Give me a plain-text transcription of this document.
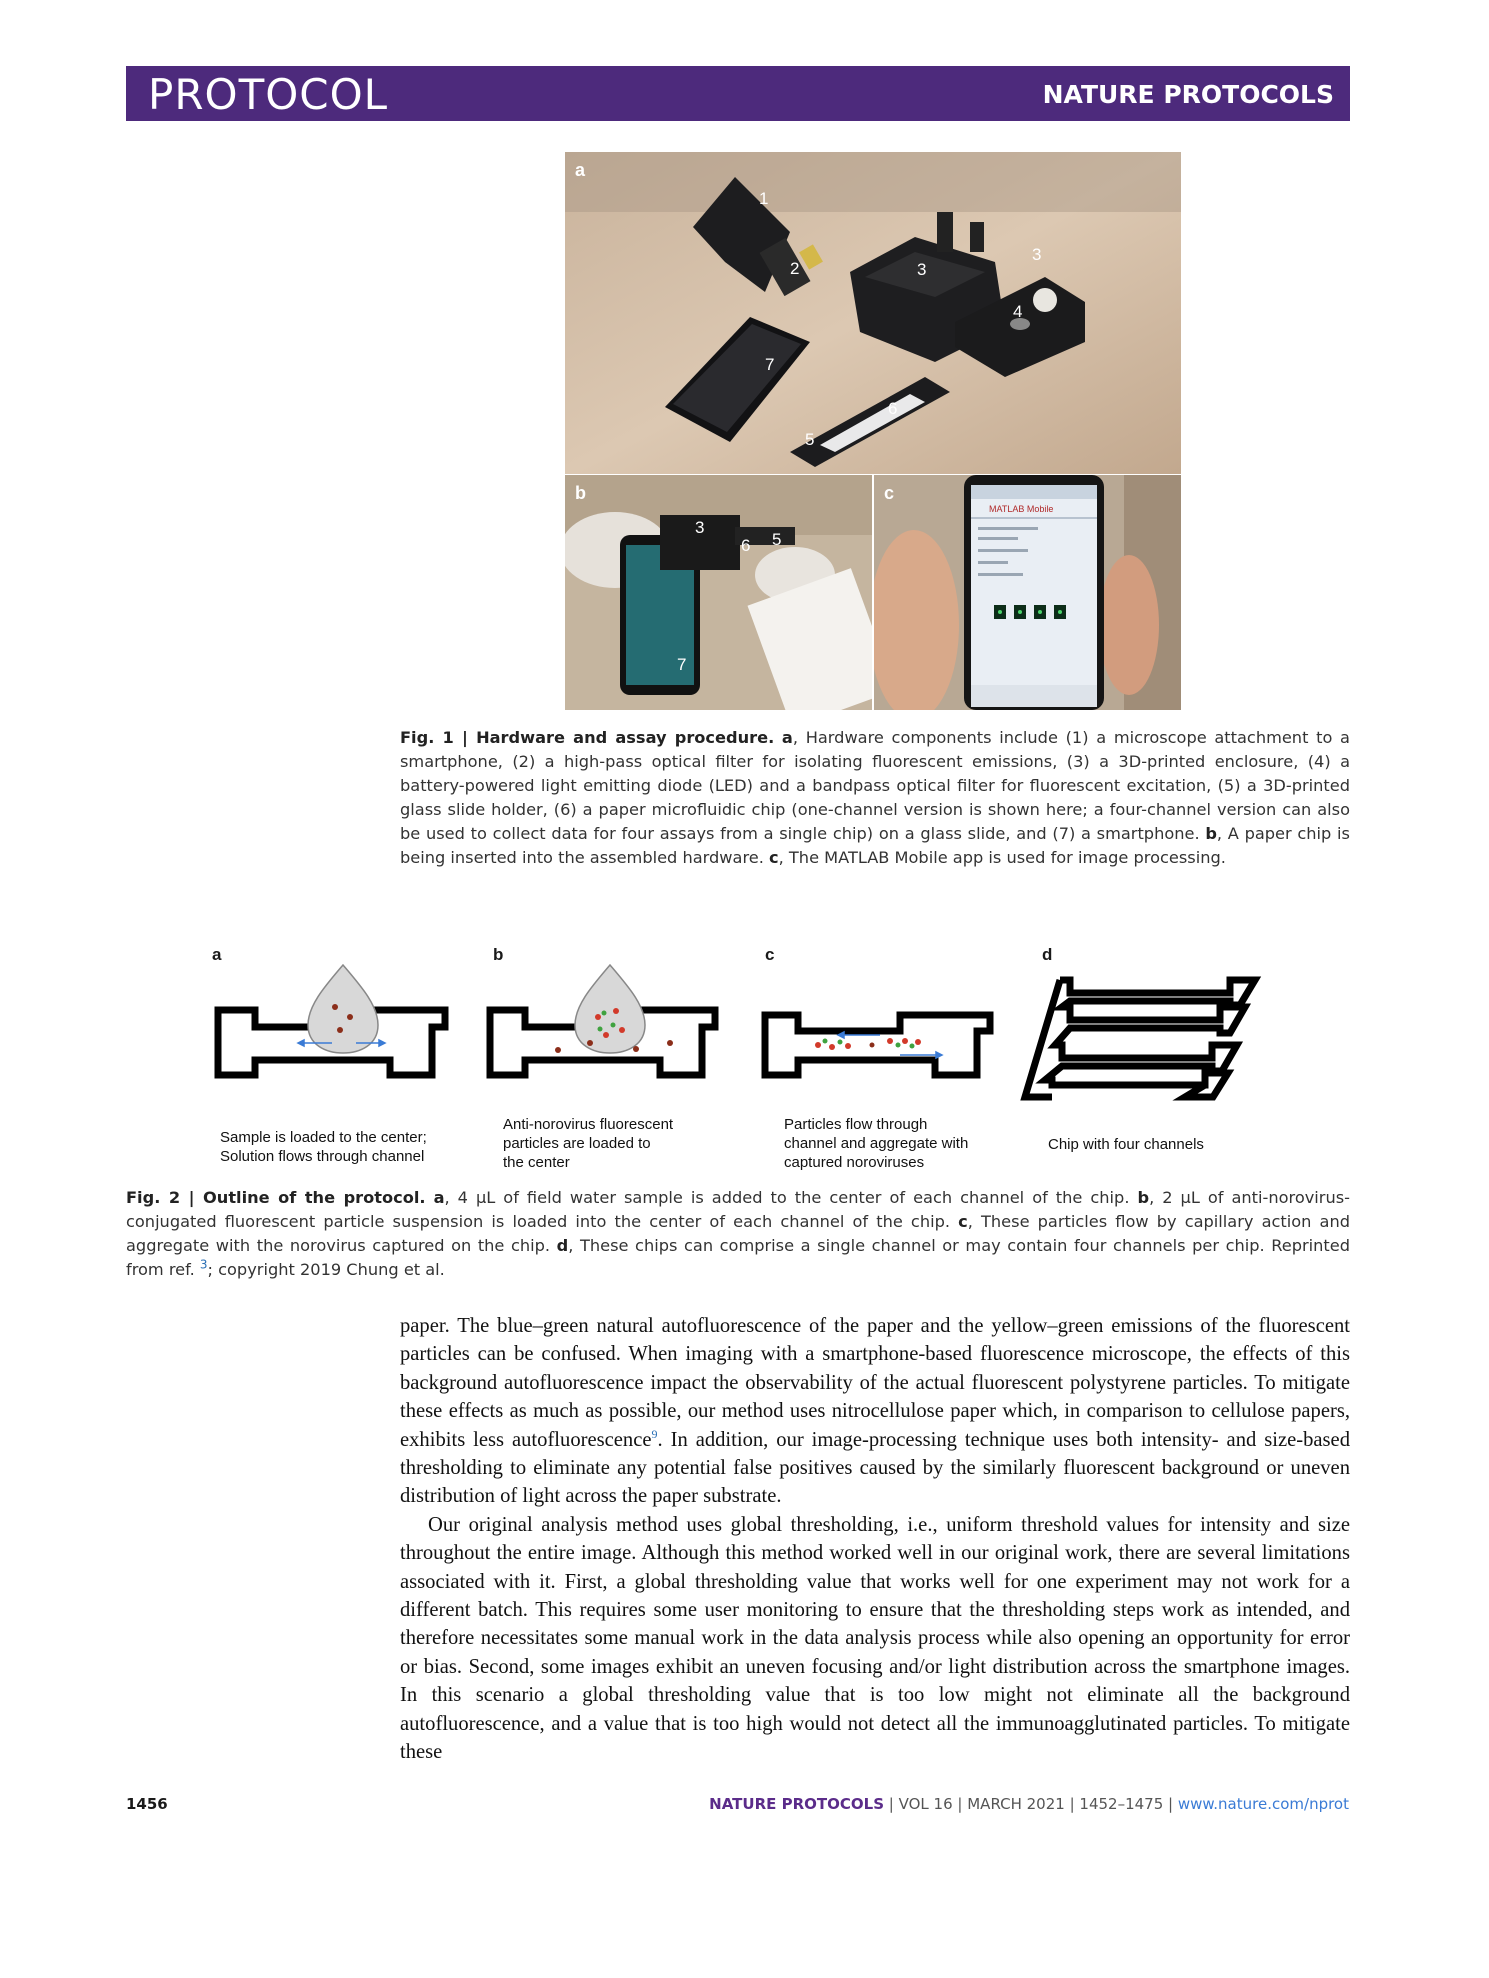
PROTOCOL	NATURE PROTOCOLS
a
1
2	3
3
4
7
6
5
b
3
6 5
7
MATLAB Mobile
c

Fig. 1 | Hardware and assay procedure. a, Hardware components include (1) a microscope attachment to a smartphone, (2) a high-pass optical filter for isolating fluorescent emissions, (3) a 3D-printed enclosure, (4) a battery-powered light emitting diode (LED) and a bandpass optical filter for fluorescent excitation, (5) a 3D-printed glass slide holder, (6) a paper microfluidic chip (one-channel version is shown here; a four-channel version can also be used to collect data for four assays from a single chip) on a glass slide, and (7) a smartphone. b, A paper chip is being inserted into the assembled hardware. c, The MATLAB Mobile app is used for image processing.

a	b	c	d
Sample is loaded to the center;
Solution flows through channel
Anti-norovirus fluorescent
particles are loaded to
the center
Particles flow through
channel and aggregate with
captured noroviruses
Chip with four channels

Fig. 2 | Outline of the protocol. a, 4 µL of field water sample is added to the center of each channel of the chip. b, 2 µL of anti-norovirus-conjugated fluorescent particle suspension is loaded into the center of each channel of the chip. c, These particles flow by capillary action and aggregate with the norovirus captured on the chip. d, These chips can comprise a single channel or may contain four channels per chip. Reprinted from ref. $^3$; copyright 2019 Chung et al.

paper. The blue–green natural autofluorescence of the paper and the yellow–green emissions of the fluorescent particles can be confused. When imaging with a smartphone-based fluorescence microscope, the effects of this background autofluorescence impact the observability of the actual fluorescent polystyrene particles. To mitigate these effects as much as possible, our method uses nitrocellulose paper which, in comparison to cellulose papers, exhibits less autofluorescence$^9$. In addition, our image-processing technique uses both intensity- and size-based thresholding to eliminate any potential false positives caused by the similarly fluorescent background or uneven distribution of light across the paper substrate.

Our original analysis method uses global thresholding, i.e., uniform threshold values for intensity and size throughout the entire image. Although this method worked well in our original work, there are several limitations associated with it. First, a global thresholding value that works well for one experiment may not work for a different batch. This requires some user monitoring to ensure that the thresholding steps work as intended, and therefore necessitates some manual work in the data analysis process while also opening an opportunity for error or bias. Second, some images exhibit an uneven focusing and/or light distribution across the smartphone images. In this scenario a global thresholding value that is too low might not eliminate all the background autofluorescence, and a value that is too high would not detect all the immunoagglutinated particles. To mitigate these

1456	NATURE PROTOCOLS | VOL 16 | MARCH 2021 | 1452–1475 | www.nature.com/nprot
